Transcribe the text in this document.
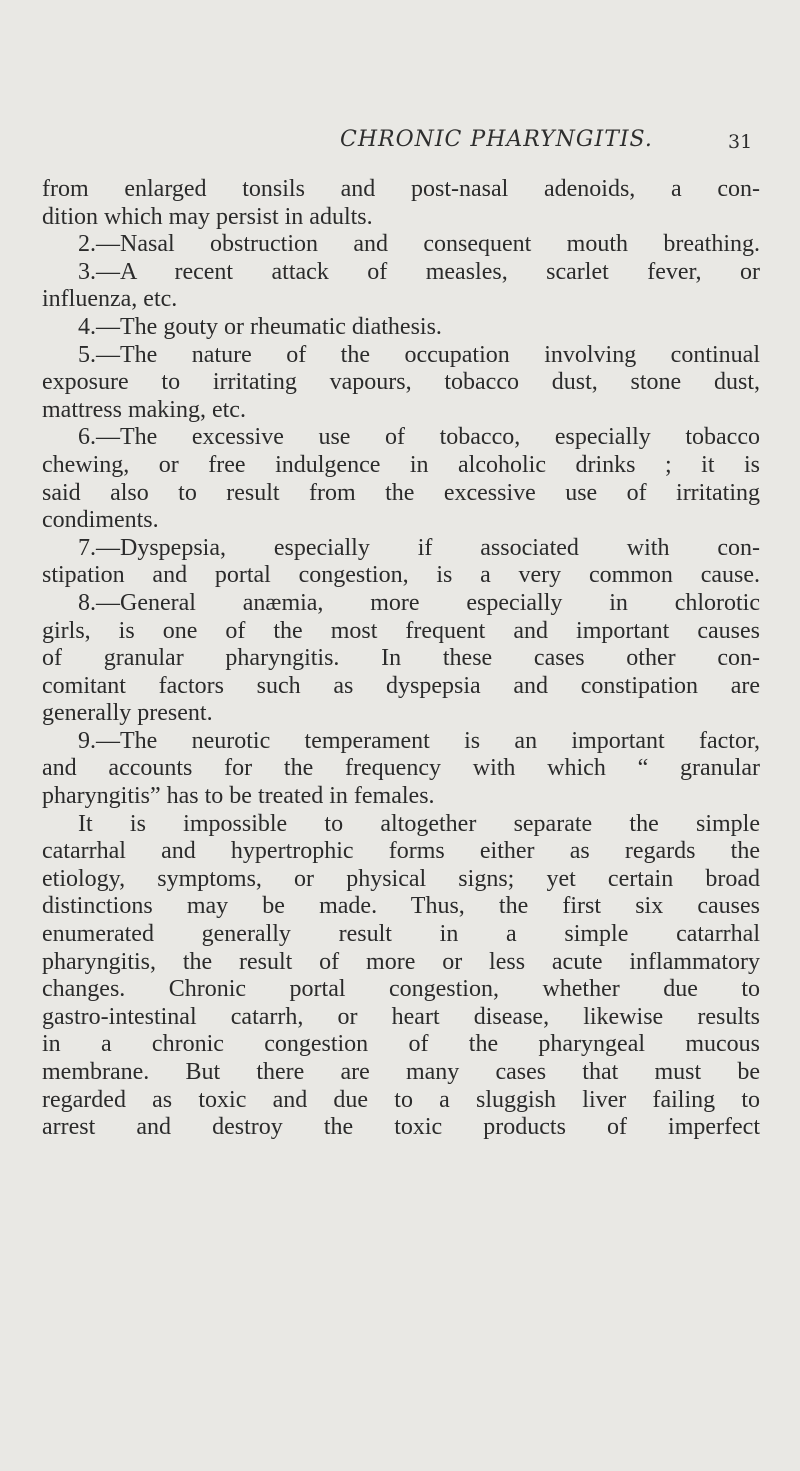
CHRONIC PHARYNGITIS.	31
from enlarged tonsils and post-nasal adenoids, a con-
dition which may persist in adults.
2.—Nasal obstruction and consequent mouth breathing.
3.—A recent attack of measles, scarlet fever, or
influenza, etc.
4.—The gouty or rheumatic diathesis.
5.—The nature of the occupation involving continual
exposure to irritating vapours, tobacco dust, stone dust,
mattress making, etc.
6.—The excessive use of tobacco, especially tobacco
chewing, or free indulgence in alcoholic drinks ; it is
said also to result from the excessive use of irritating
condiments.
7.—Dyspepsia, especially if associated with con-
stipation and portal congestion, is a very common cause.
8.—General anæmia, more especially in chlorotic
girls, is one of the most frequent and important causes
of granular pharyngitis. In these cases other con-
comitant factors such as dyspepsia and constipation are
generally present.
9.—The neurotic temperament is an important factor,
and accounts for the frequency with which “ granular
pharyngitis” has to be treated in females.
It is impossible to altogether separate the simple
catarrhal and hypertrophic forms either as regards the
etiology, symptoms, or physical signs; yet certain broad
distinctions may be made. Thus, the first six causes
enumerated generally result in a simple catarrhal
pharyngitis, the result of more or less acute inflammatory
changes. Chronic portal congestion, whether due to
gastro-intestinal catarrh, or heart disease, likewise results
in a chronic congestion of the pharyngeal mucous
membrane. But there are many cases that must be
regarded as toxic and due to a sluggish liver failing to
arrest and destroy the toxic products of imperfect
